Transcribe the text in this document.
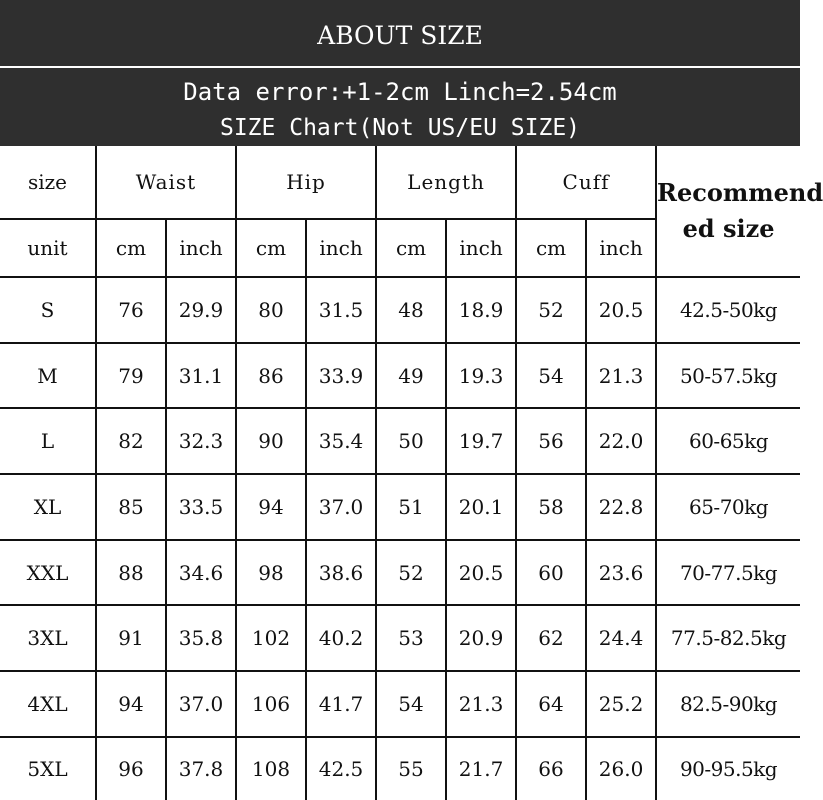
ABOUT SIZE
Data error:+1-2cm Linch=2.54cm
SIZE Chart(Not US/EU SIZE)
size	Waist		Hip		Length		Cuff		Recommend
ed size

unit	cm	inch	cm	inch	cm	inch	cm	inch	
S	76	29.9	80	31.5	48	18.9	52	20.5	42.5-50kg
M	79	31.1	86	33.9	49	19.3	54	21.3	50-57.5kg
L	82	32.3	90	35.4	50	19.7	56	22.0	60-65kg
XL	85	33.5	94	37.0	51	20.1	58	22.8	65-70kg
XXL	88	34.6	98	38.6	52	20.5	60	23.6	70-77.5kg
3XL	91	35.8	102	40.2	53	20.9	62	24.4	77.5-82.5kg
4XL	94	37.0	106	41.7	54	21.3	64	25.2	82.5-90kg
5XL	96	37.8	108	42.5	55	21.7	66	26.0	90-95.5kg
